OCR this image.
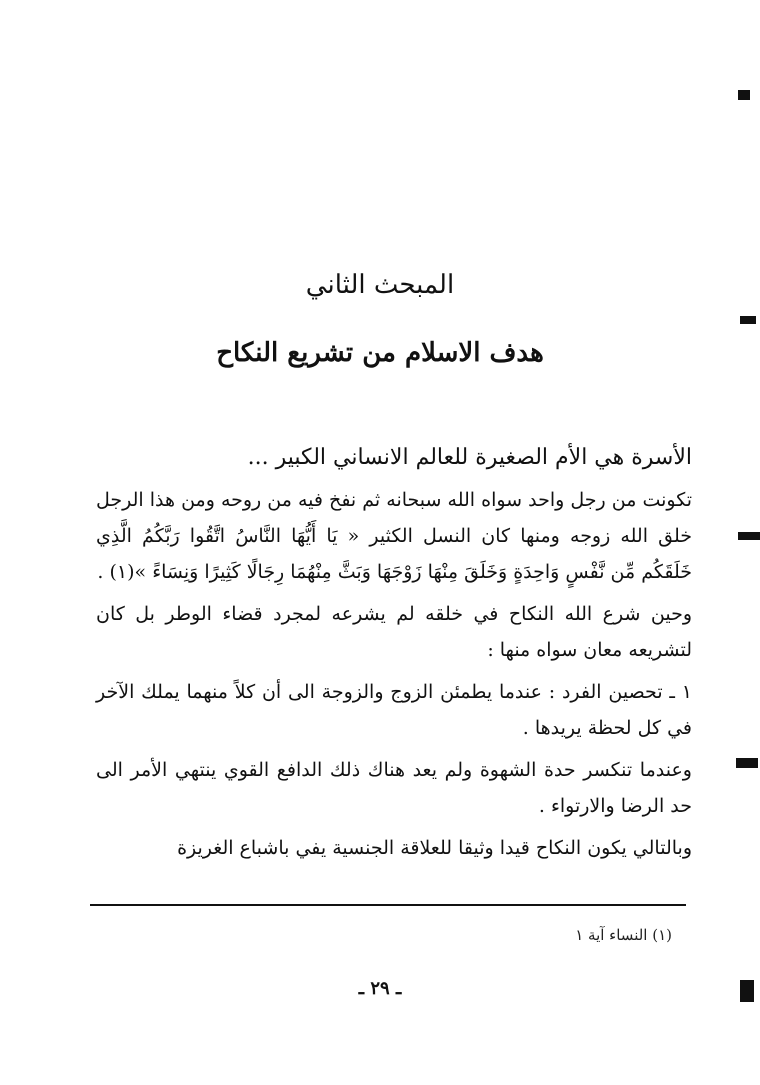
المبحث الثاني
هدف الاسلام من تشريع النكاح

الأسرة هي الأم الصغيرة للعالم الانساني الكبير ...

تكونت من رجل واحد سواه الله سبحانه ثم نفخ فيه من روحه ومن هذا الرجل خلق الله زوجه ومنها كان النسل الكثير « يَا أَيُّهَا النَّاسُ اتَّقُوا رَبَّكُمُ الَّذِي خَلَقَكُم مِّن نَّفْسٍ وَاحِدَةٍ وَخَلَقَ مِنْهَا زَوْجَهَا وَبَثَّ مِنْهُمَا رِجَالًا كَثِيرًا وَنِسَاءً »(١) .

وحين شرع الله النكاح في خلقه لم يشرعه لمجرد قضاء الوطر بل كان لتشريعه معان سواه منها :

١ ـ تحصين الفرد : عندما يطمئن الزوج والزوجة الى أن كلاً منهما يملك الآخر في كل لحظة يريدها .

وعندما تنكسر حدة الشهوة ولم يعد هناك ذلك الدافع القوي ينتهي الأمر الى حد الرضا والارتواء .

وبالتالي يكون النكاح قيدا وثيقا للعلاقة الجنسية يفي باشباع الغريزة

(١) النساء آية ١
ـ ٢٩ ـ
